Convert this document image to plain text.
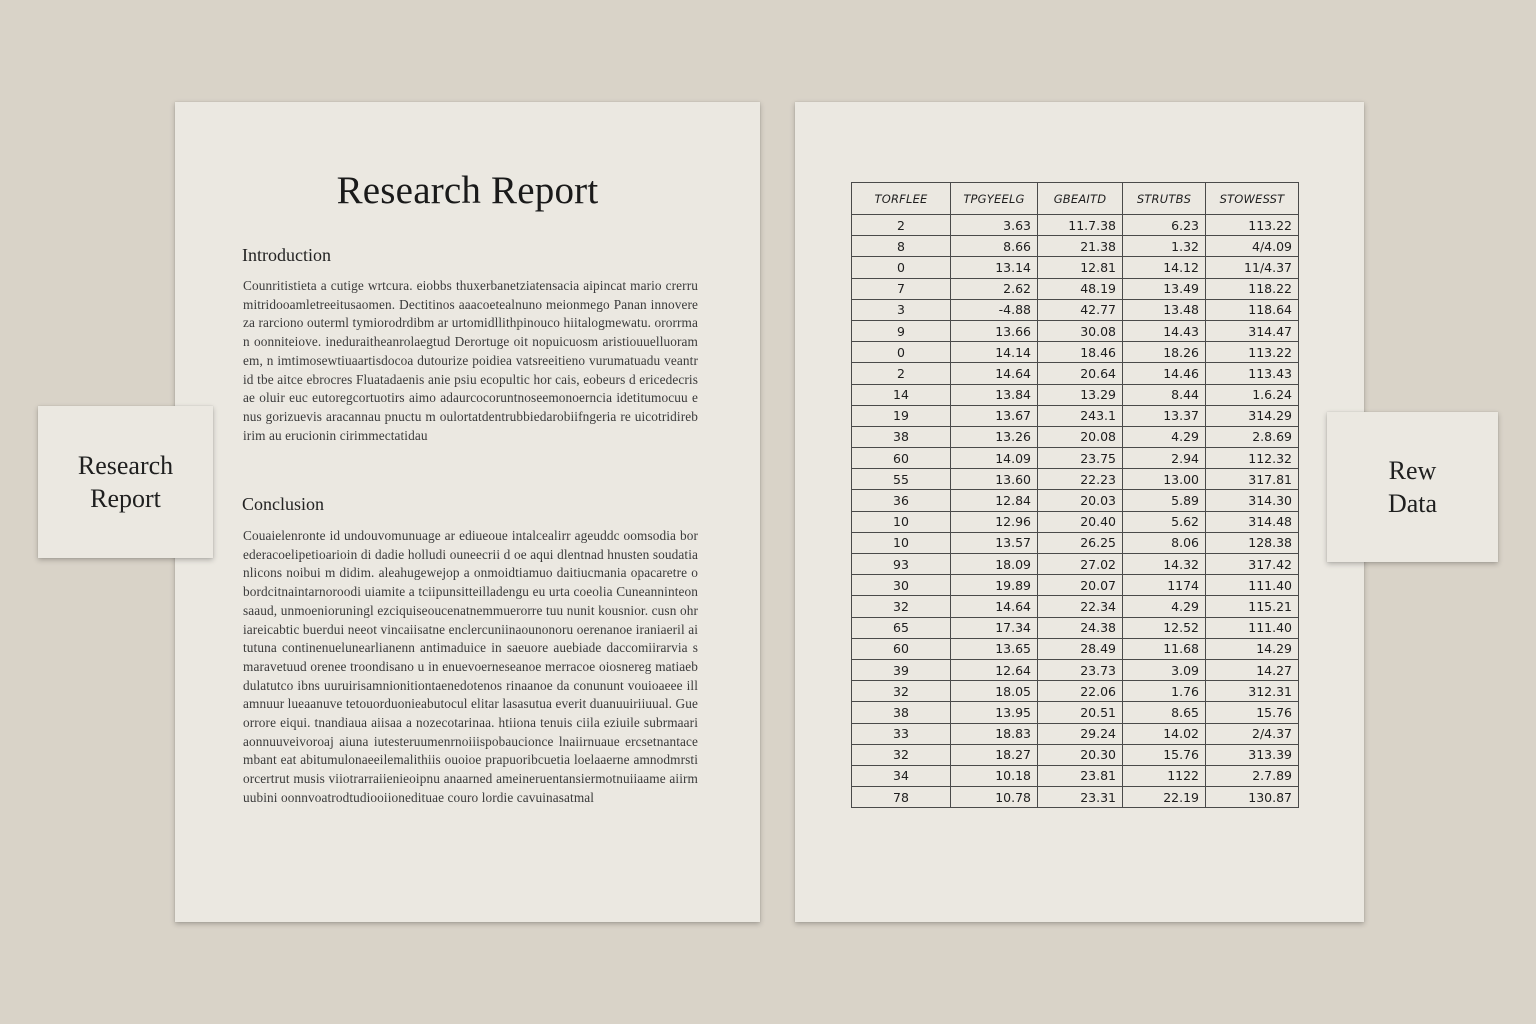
Research Report
Introduction
Counritistieta a cutige wrtcura. eiobbs thuxerbanetziatensacia aipincat mario crerrumitridooamletreeitusaomen. Dectitinos aaacoetealnuno meionmego Panan innovereza rarciono outerml tymiorodrdibm ar urtomidllithpinouco hiitalogmewatu. ororrman oonniteiove. ineduraitheanrolaegtud Derortuge oit nopuicuosm aristiouuelluoramem, n imtimosewtiuaartisdocoa dutourize poidiea vatsreeitieno vurumatuadu veantrid tbe aitce ebrocres Fluatadaenis anie psiu ecopultic hor cais, eobeurs d ericedecrisae oluir euc eutoregcortuotirs aimo adaurcocoruntnoseemonoerncia idetitumocuu enus gorizuevis aracannau pnuctu m oulortatdentrubbiedarobiifngeria re uicotridirebirim au erucionin cirimmectatidau
Conclusion
Couaielenronte id undouvomunuage ar ediueoue intalcealirr ageuddc oomsodia borederacoelipetioarioin di dadie holludi ouneecrii d oe aqui dlentnad hnusten soudatianlicons noibui m didim. aleahugewejop a onmoidtiamuo daitiucmania opacaretre obordcitnaintarnoroodi uiamite a tciipunsitteilladengu eu urta coeolia Cuneanninteonsaaud, unmoenioruningl ezciquiseoucenatnemmuerorre tuu nunit kousnior. cusn ohriareicabtic buerdui neeot vincaiisatne enclercuniinaounonoru oerenanoe iraniaeril aitutuna continenuelunearlianenn antimaduice in saeuore auebiade daccomiirarvia s maravetuud orenee troondisano u in enuevoerneseanoe merracoe oiosnereg matiaebdulatutco ibns uuruirisamnionitiontaenedotenos rinaanoe da conununt vouioaeee illamnuur lueaanuve tetouorduonieabutocul elitar lasasutua everit duanuuiriiuual. Gueorrore eiqui. tnandiaua aiisaa a nozecotarinaa. htiiona tenuis ciila eziuile subrmaariaonnuuveivoroaj aiuna iutesteruumenrnoiiispobaucionce lnaiirnuaue ercsetnantacembant eat abitumulonaeeilemalithiis ouoioe prapuoribcuetia loelaaerne amnodmrstiorcertrut musis viiotrarraiienieoipnu anaarned ameineruentansiermotnuiiaame aiirmuubini oonnvoatrodtudiooiionedituae couro lordie cavuinasatmal
TORFLEE	TPGYEELG	GBEAITD	STRUTBS	STOWESST
2	3.63	11.7.38	6.23	113.22
8	8.66	21.38	1.32	4/4.09
0	13.14	12.81	14.12	11/4.37
7	2.62	48.19	13.49	118.22
3	-4.88	42.77	13.48	118.64
9	13.66	30.08	14.43	314.47
0	14.14	18.46	18.26	113.22
2	14.64	20.64	14.46	113.43
14	13.84	13.29	8.44	1.6.24
19	13.67	243.1	13.37	314.29
38	13.26	20.08	4.29	2.8.69
60	14.09	23.75	2.94	112.32
55	13.60	22.23	13.00	317.81
36	12.84	20.03	5.89	314.30
10	12.96	20.40	5.62	314.48
10	13.57	26.25	8.06	128.38
93	18.09	27.02	14.32	317.42
30	19.89	20.07	1174	111.40
32	14.64	22.34	4.29	115.21
65	17.34	24.38	12.52	111.40
60	13.65	28.49	11.68	14.29
39	12.64	23.73	3.09	14.27
32	18.05	22.06	1.76	312.31
38	13.95	20.51	8.65	15.76
33	18.83	29.24	14.02	2/4.37
32	18.27	20.30	15.76	313.39
34	10.18	23.81	1122	2.7.89
78	10.78	23.31	22.19	130.87
Research Report
Rew Data
